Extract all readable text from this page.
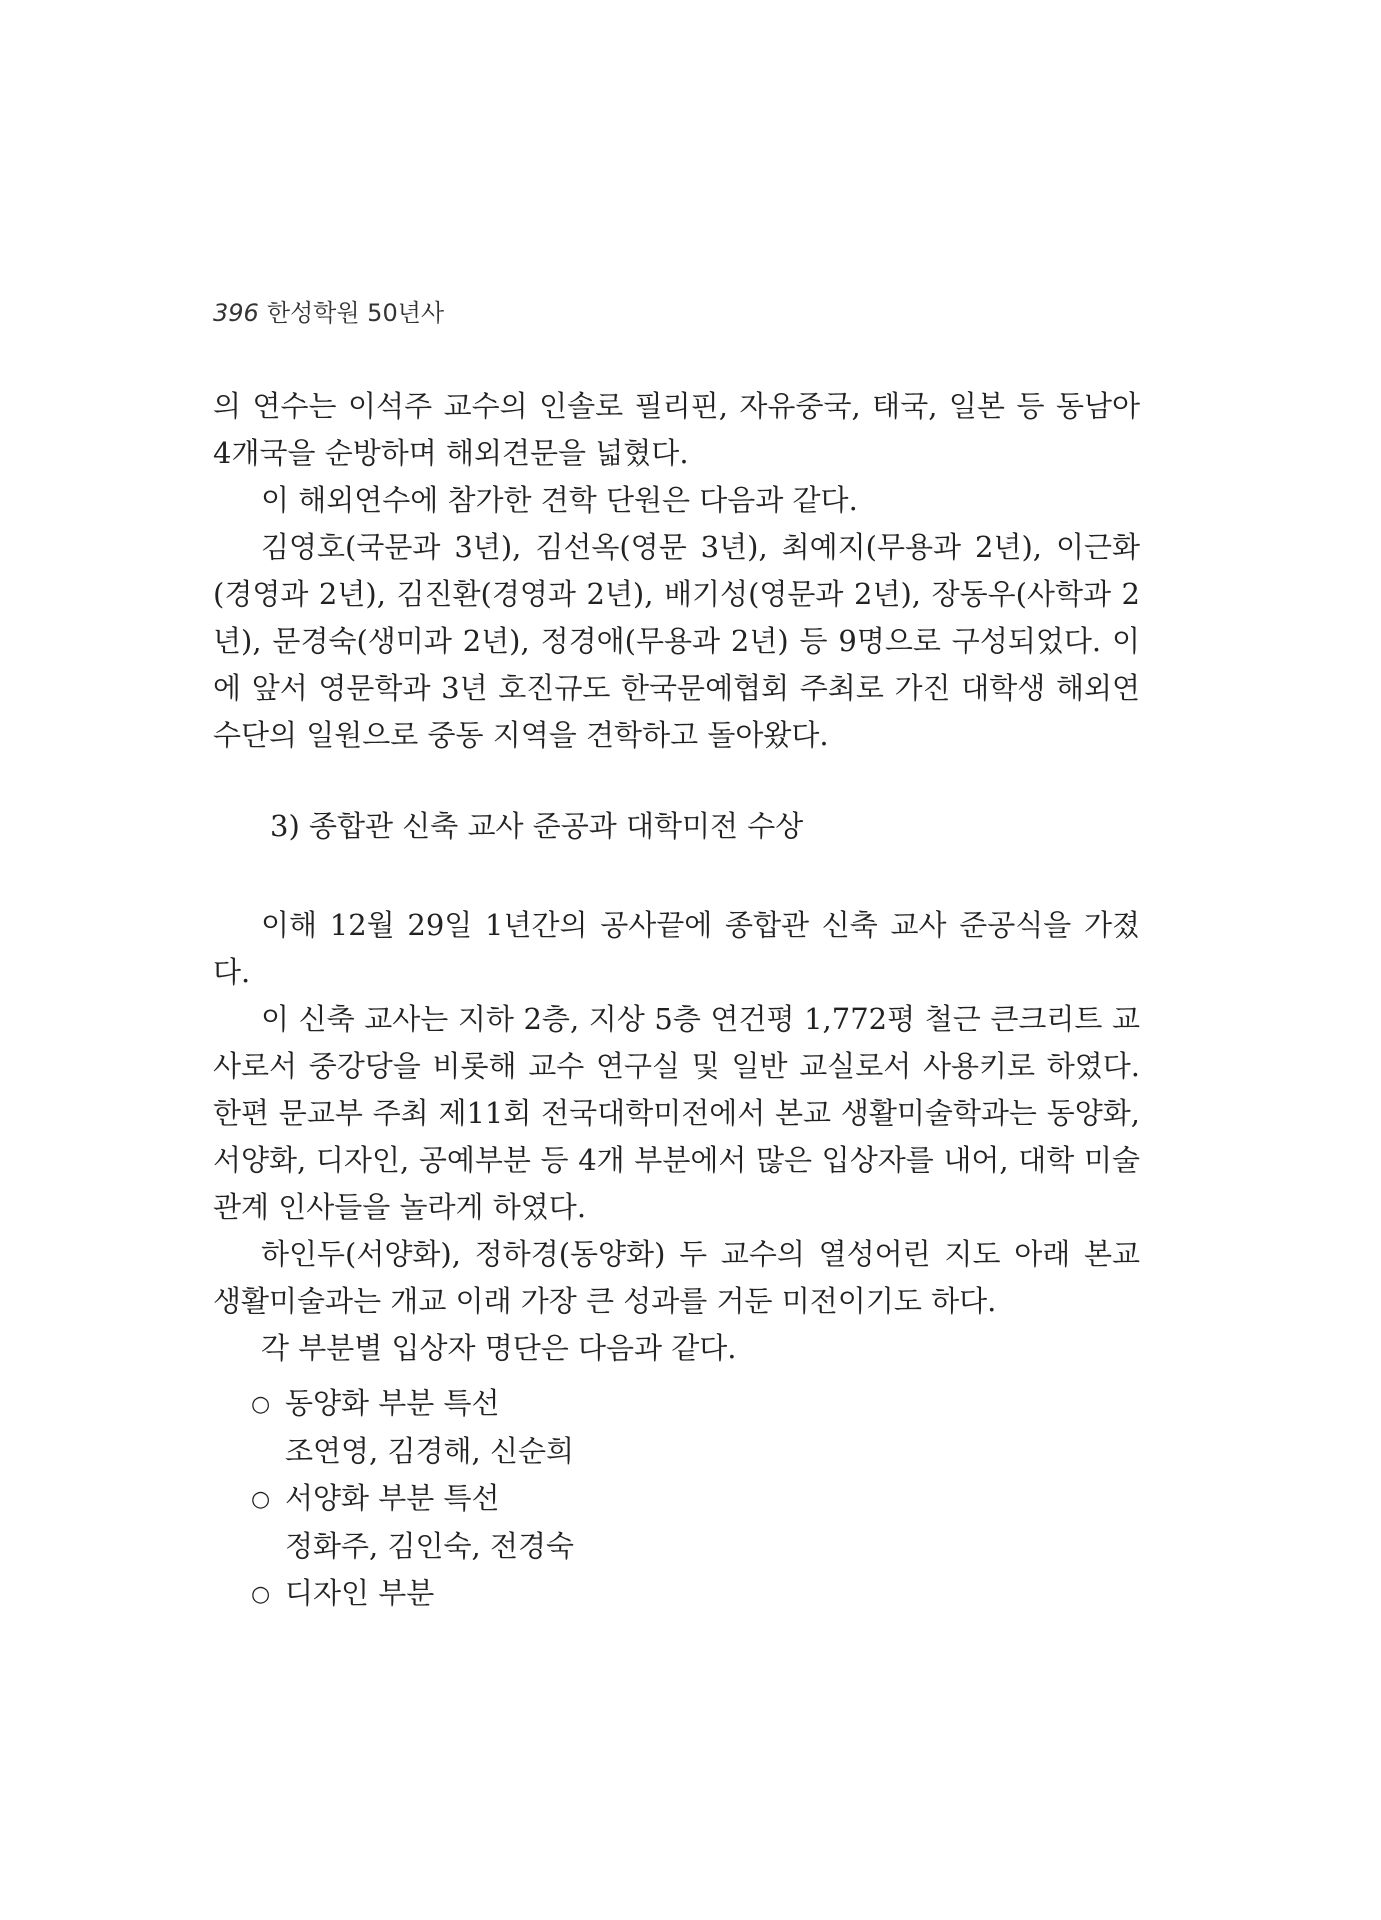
396 한성학원 50년사

의 연수는 이석주 교수의 인솔로 필리핀, 자유중국, 태국, 일본 등 동남아 4개국을 순방하며 해외견문을 넓혔다.

이 해외연수에 참가한 견학 단원은 다음과 같다.

김영호(국문과 3년), 김선옥(영문 3년), 최예지(무용과 2년), 이근화(경영과 2년), 김진환(경영과 2년), 배기성(영문과 2년), 장동우(사학과 2년), 문경숙(생미과 2년), 정경애(무용과 2년) 등 9명으로 구성되었다. 이에 앞서 영문학과 3년 호진규도 한국문예협회 주최로 가진 대학생 해외연수단의 일원으로 중동 지역을 견학하고 돌아왔다.

3) 종합관 신축 교사 준공과 대학미전 수상

이해 12월 29일 1년간의 공사끝에 종합관 신축 교사 준공식을 가졌다.

이 신축 교사는 지하 2층, 지상 5층 연건평 1,772평 철근 큰크리트 교사로서 중강당을 비롯해 교수 연구실 및 일반 교실로서 사용키로 하였다. 한편 문교부 주최 제11회 전국대학미전에서 본교 생활미술학과는 동양화, 서양화, 디자인, 공예부분 등 4개 부분에서 많은 입상자를 내어, 대학 미술관계 인사들을 놀라게 하였다.

하인두(서양화), 정하경(동양화) 두 교수의 열성어린 지도 아래 본교 생활미술과는 개교 이래 가장 큰 성과를 거둔 미전이기도 하다.

각 부분별 입상자 명단은 다음과 같다.

○ 동양화 부분 특선

조연영, 김경해, 신순희

○ 서양화 부분 특선

정화주, 김인숙, 전경숙

○ 디자인 부분
